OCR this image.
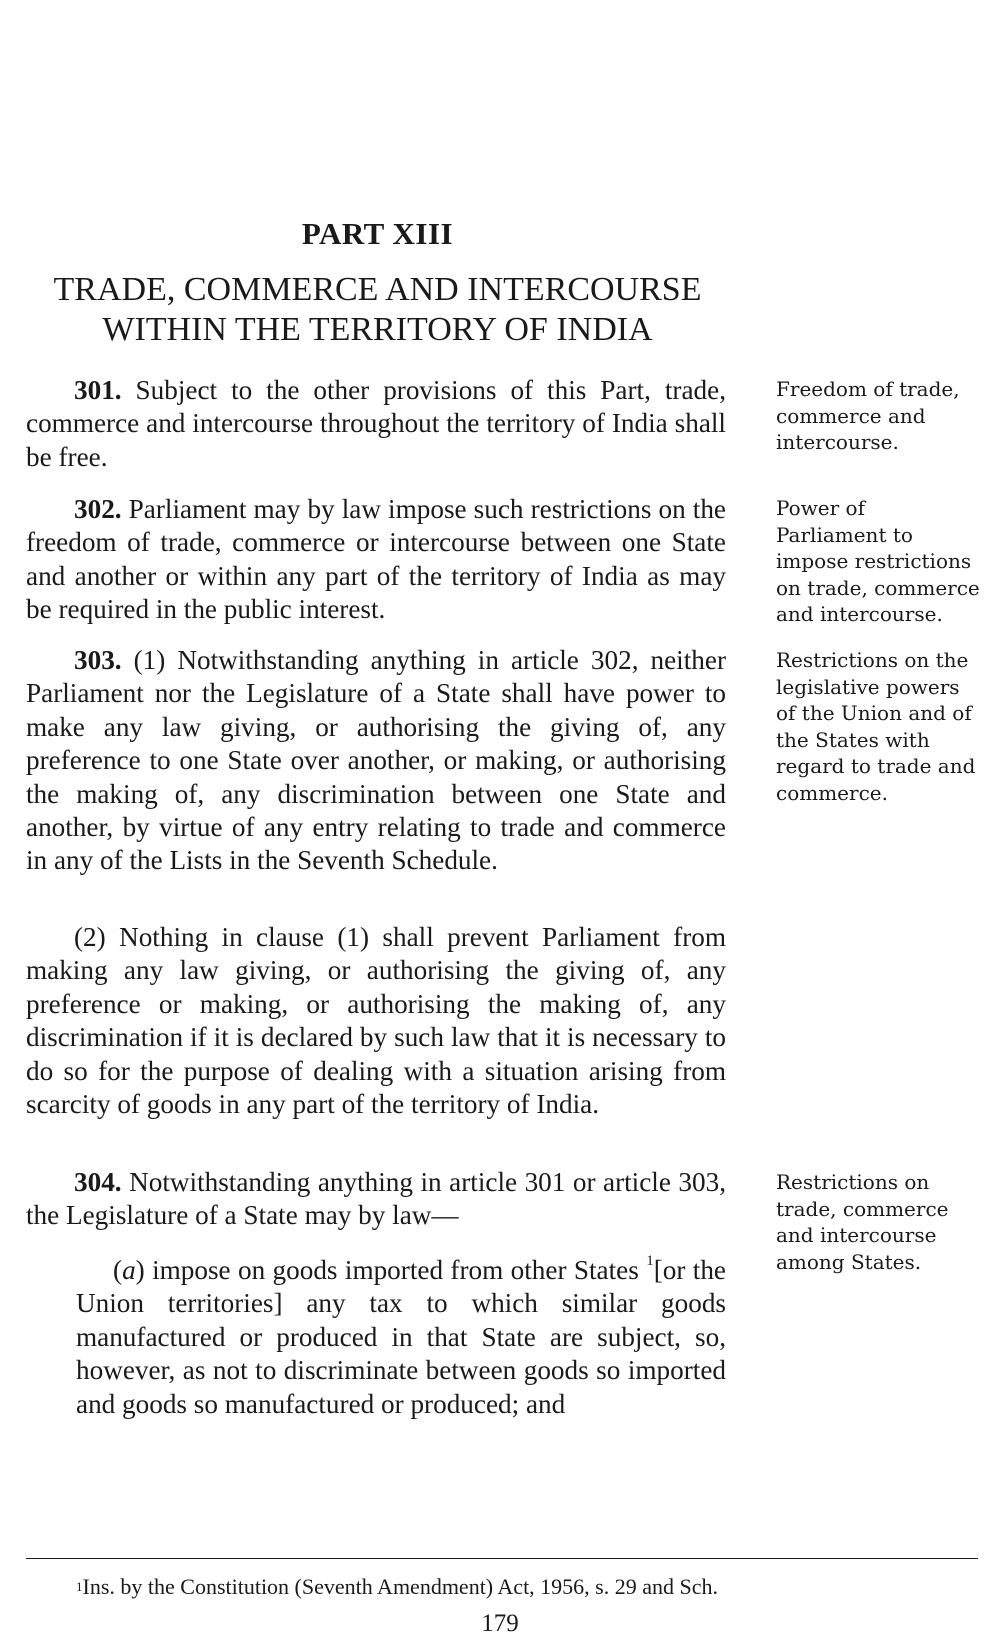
PART XIII
TRADE, COMMERCE AND INTERCOURSE
WITHIN THE TERRITORY OF INDIA

301. Subject to the other provisions of this Part, trade, commerce and intercourse throughout the territory of India shall be free.

Freedom of trade, commerce and intercourse.

302. Parliament may by law impose such restrictions on the freedom of trade, commerce or intercourse between one State and another or within any part of the territory of India as may be required in the public interest.

Power of Parliament to impose restrictions on trade, commerce and intercourse.

303. (1) Notwithstanding anything in article 302, neither Parliament nor the Legislature of a State shall have power to make any law giving, or authorising the giving of, any preference to one State over another, or making, or authorising the making of, any discrimination between one State and another, by virtue of any entry relating to trade and commerce in any of the Lists in the Seventh Schedule.

Restrictions on the legislative powers of the Union and of the States with regard to trade and commerce.

(2) Nothing in clause (1) shall prevent Parliament from making any law giving, or authorising the giving of, any preference or making, or authorising the making of, any discrimination if it is declared by such law that it is necessary to do so for the purpose of dealing with a situation arising from scarcity of goods in any part of the territory of India.

304. Notwithstanding anything in article 301 or article 303, the Legislature of a State may by law—

Restrictions on trade, commerce and intercourse among States.

(a) impose on goods imported from other States $^1$[or the Union territories] any tax to which similar goods manufactured or produced in that State are subject, so, however, as not to discriminate between goods so imported and goods so manufactured or produced; and

$^1$Ins. by the Constitution (Seventh Amendment) Act, 1956, s. 29 and Sch.
179
